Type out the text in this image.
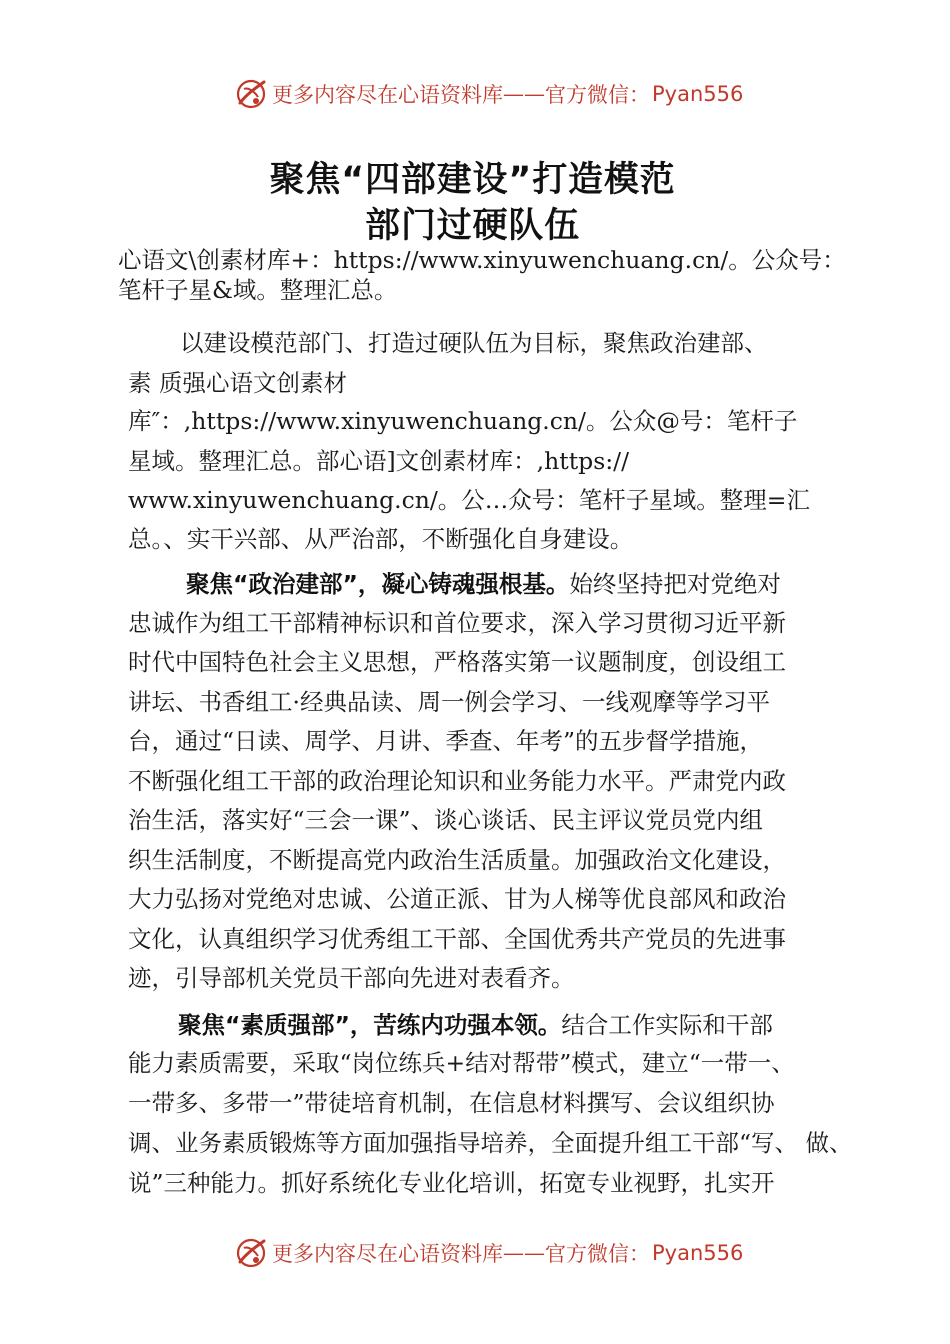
更多内容尽在心语资料库 —— 官方微信： Pyan556
聚焦“四部建设”打造模范
部门过硬队伍
心语文\创素材库+：https://www.xinyuwenchuang.cn/。公众号：
笔杆子星&域。整理汇总。
以建设模范部门、打造过硬队伍为目标，聚焦政治建部、
素 质强心语文创素材
库″：,https://www.xinyuwenchuang.cn/。公众@号：笔杆子
星域。整理汇总。部心语]文创素材库：,https://
www.xinyuwenchuang.cn/。公…众号：笔杆子星域。整理=汇
总。、实干兴部、从严治部，不断强化自身建设。
聚焦“政治建部”，凝心铸魂强根基。始终坚持把对党绝对
忠诚作为组工干部精神标识和首位要求，深入学习贯彻习近平新
时代中国特色社会主义思想，严格落实第一议题制度，创设组工
讲坛、书香组工·经典品读、周一例会学习、一线观摩等学习平
台，通过“日读、周学、月讲、季查、年考”的五步督学措施，
不断强化组工干部的政治理论知识和业务能力水平。严肃党内政
治生活，落实好“三会一课”、谈心谈话、民主评议党员党内组
织生活制度，不断提高党内政治生活质量。加强政治文化建设，
大力弘扬对党绝对忠诚、公道正派、甘为人梯等优良部风和政治
文化，认真组织学习优秀组工干部、全国优秀共产党员的先进事
迹，引导部机关党员干部向先进对表看齐。
聚焦“素质强部”，苦练内功强本领。结合工作实际和干部
能力素质需要，采取“岗位练兵+结对帮带”模式，建立“一带一、
一带多、多带一”带徒培育机制，在信息材料撰写、会议组织协
调、业务素质锻炼等方面加强指导培养，全面提升组工干部“写、 做、
说”三种能力。抓好系统化专业化培训，拓宽专业视野，扎实开
更多内容尽在心语资料库 —— 官方微信： Pyan556
